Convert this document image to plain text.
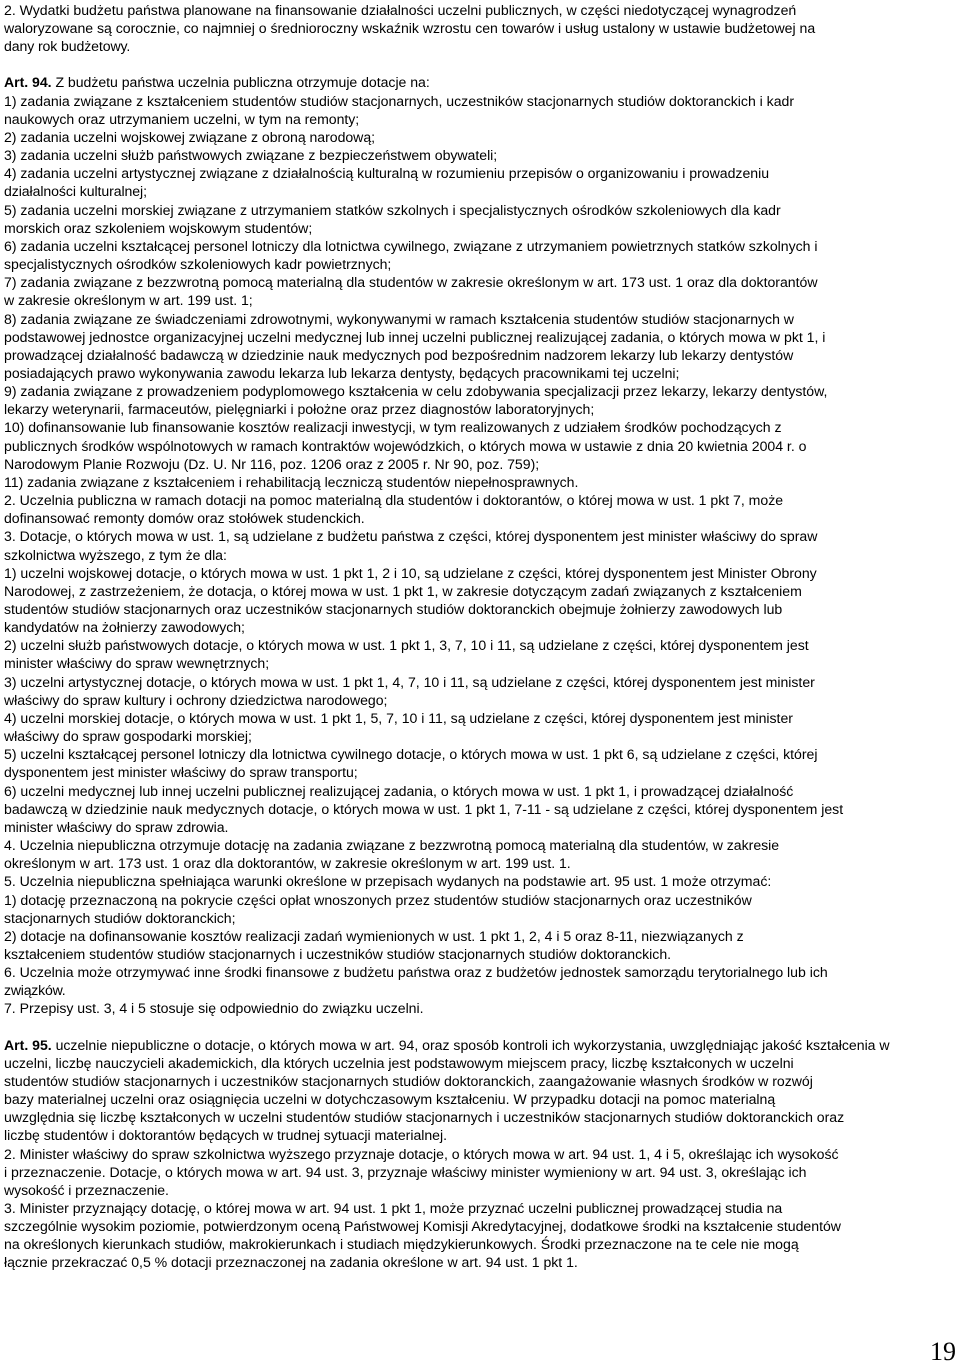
2. Wydatki budżetu państwa planowane na finansowanie działalności uczelni publicznych, w części niedotyczącej wynagrodzeń

waloryzowane są corocznie, co najmniej o średnioroczny wskaźnik wzrostu cen towarów i usług ustalony w ustawie budżetowej na

dany rok budżetowy.

Art. 94. Z budżetu państwa uczelnia publiczna otrzymuje dotacje na:

1) zadania związane z kształceniem studentów studiów stacjonarnych, uczestników stacjonarnych studiów doktoranckich i kadr

naukowych oraz utrzymaniem uczelni, w tym na remonty;

2) zadania uczelni wojskowej związane z obroną narodową;

3) zadania uczelni służb państwowych związane z bezpieczeństwem obywateli;

4) zadania uczelni artystycznej związane z działalnością kulturalną w rozumieniu przepisów o organizowaniu i prowadzeniu

działalności kulturalnej;

5) zadania uczelni morskiej związane z utrzymaniem statków szkolnych i specjalistycznych ośrodków szkoleniowych dla kadr

morskich oraz szkoleniem wojskowym studentów;

6) zadania uczelni kształcącej personel lotniczy dla lotnictwa cywilnego, związane z utrzymaniem powietrznych statków szkolnych i

specjalistycznych ośrodków szkoleniowych kadr powietrznych;

7) zadania związane z bezzwrotną pomocą materialną dla studentów w zakresie określonym w art. 173 ust. 1 oraz dla doktorantów

w zakresie określonym w art. 199 ust. 1;

8) zadania związane ze świadczeniami zdrowotnymi, wykonywanymi w ramach kształcenia studentów studiów stacjonarnych w

podstawowej jednostce organizacyjnej uczelni medycznej lub innej uczelni publicznej realizującej zadania, o których mowa w pkt 1, i

prowadzącej działalność badawczą w dziedzinie nauk medycznych pod bezpośrednim nadzorem lekarzy lub lekarzy dentystów

posiadających prawo wykonywania zawodu lekarza lub lekarza dentysty, będących pracownikami tej uczelni;

9) zadania związane z prowadzeniem podyplomowego kształcenia w celu zdobywania specjalizacji przez lekarzy, lekarzy dentystów,

lekarzy weterynarii, farmaceutów, pielęgniarki i położne oraz przez diagnostów laboratoryjnych;

10) dofinansowanie lub finansowanie kosztów realizacji inwestycji, w tym realizowanych z udziałem środków pochodzących z

publicznych środków wspólnotowych w ramach kontraktów wojewódzkich, o których mowa w ustawie z dnia 20 kwietnia 2004 r. o

Narodowym Planie Rozwoju (Dz. U. Nr 116, poz. 1206 oraz z 2005 r. Nr 90, poz. 759);

11) zadania związane z kształceniem i rehabilitacją leczniczą studentów niepełnosprawnych.

2. Uczelnia publiczna w ramach dotacji na pomoc materialną dla studentów i doktorantów, o której mowa w ust. 1 pkt 7, może

dofinansować remonty domów oraz stołówek studenckich.

3. Dotacje, o których mowa w ust. 1, są udzielane z budżetu państwa z części, której dysponentem jest minister właściwy do spraw

szkolnictwa wyższego, z tym że dla:

1) uczelni wojskowej dotacje, o których mowa w ust. 1 pkt 1, 2 i 10, są udzielane z części, której dysponentem jest Minister Obrony

Narodowej, z zastrzeżeniem, że dotacja, o której mowa w ust. 1 pkt 1, w zakresie dotyczącym zadań związanych z kształceniem

studentów studiów stacjonarnych oraz uczestników stacjonarnych studiów doktoranckich obejmuje żołnierzy zawodowych lub

kandydatów na żołnierzy zawodowych;

2) uczelni służb państwowych dotacje, o których mowa w ust. 1 pkt 1, 3, 7, 10 i 11, są udzielane z części, której dysponentem jest

minister właściwy do spraw wewnętrznych;

3) uczelni artystycznej dotacje, o których mowa w ust. 1 pkt 1, 4, 7, 10 i 11, są udzielane z części, której dysponentem jest minister

właściwy do spraw kultury i ochrony dziedzictwa narodowego;

4) uczelni morskiej dotacje, o których mowa w ust. 1 pkt 1, 5, 7, 10 i 11, są udzielane z części, której dysponentem jest minister

właściwy do spraw gospodarki morskiej;

5) uczelni kształcącej personel lotniczy dla lotnictwa cywilnego dotacje, o których mowa w ust. 1 pkt 6, są udzielane z części, której

dysponentem jest minister właściwy do spraw transportu;

6) uczelni medycznej lub innej uczelni publicznej realizującej zadania, o których mowa w ust. 1 pkt 1, i prowadzącej działalność

badawczą w dziedzinie nauk medycznych dotacje, o których mowa w ust. 1 pkt 1, 7-11 - są udzielane z części, której dysponentem jest

minister właściwy do spraw zdrowia.

4. Uczelnia niepubliczna otrzymuje dotację na zadania związane z bezzwrotną pomocą materialną dla studentów, w zakresie

określonym w art. 173 ust. 1 oraz dla doktorantów, w zakresie określonym w art. 199 ust. 1.

5. Uczelnia niepubliczna spełniająca warunki określone w przepisach wydanych na podstawie art. 95 ust. 1 może otrzymać:

1) dotację przeznaczoną na pokrycie części opłat wnoszonych przez studentów studiów stacjonarnych oraz uczestników

stacjonarnych studiów doktoranckich;

2) dotacje na dofinansowanie kosztów realizacji zadań wymienionych w ust. 1 pkt 1, 2, 4 i 5 oraz 8-11, niezwiązanych z

kształceniem studentów studiów stacjonarnych i uczestników studiów stacjonarnych studiów doktoranckich.

6. Uczelnia może otrzymywać inne środki finansowe z budżetu państwa oraz z budżetów jednostek samorządu terytorialnego lub ich

związków.

7. Przepisy ust. 3, 4 i 5 stosuje się odpowiednio do związku uczelni.

Art. 95. uczelnie niepubliczne o dotacje, o których mowa w art. 94, oraz sposób kontroli ich wykorzystania, uwzględniając jakość kształcenia w

uczelni, liczbę nauczycieli akademickich, dla których uczelnia jest podstawowym miejscem pracy, liczbę kształconych w uczelni

studentów studiów stacjonarnych i uczestników stacjonarnych studiów doktoranckich, zaangażowanie własnych środków w rozwój

bazy materialnej uczelni oraz osiągnięcia uczelni w dotychczasowym kształceniu. W przypadku dotacji na pomoc materialną

uwzględnia się liczbę kształconych w uczelni studentów studiów stacjonarnych i uczestników stacjonarnych studiów doktoranckich oraz

liczbę studentów i doktorantów będących w trudnej sytuacji materialnej.

2. Minister właściwy do spraw szkolnictwa wyższego przyznaje dotacje, o których mowa w art. 94 ust. 1, 4 i 5, określając ich wysokość

i przeznaczenie. Dotacje, o których mowa w art. 94 ust. 3, przyznaje właściwy minister wymieniony w art. 94 ust. 3, określając ich

wysokość i przeznaczenie.

3. Minister przyznający dotację, o której mowa w art. 94 ust. 1 pkt 1, może przyznać uczelni publicznej prowadzącej studia na

szczególnie wysokim poziomie, potwierdzonym oceną Państwowej Komisji Akredytacyjnej, dodatkowe środki na kształcenie studentów

na określonych kierunkach studiów, makrokierunkach i studiach międzykierunkowych. Środki przeznaczone na te cele nie mogą

łącznie przekraczać 0,5 % dotacji przeznaczonej na zadania określone w art. 94 ust. 1 pkt 1.

19
